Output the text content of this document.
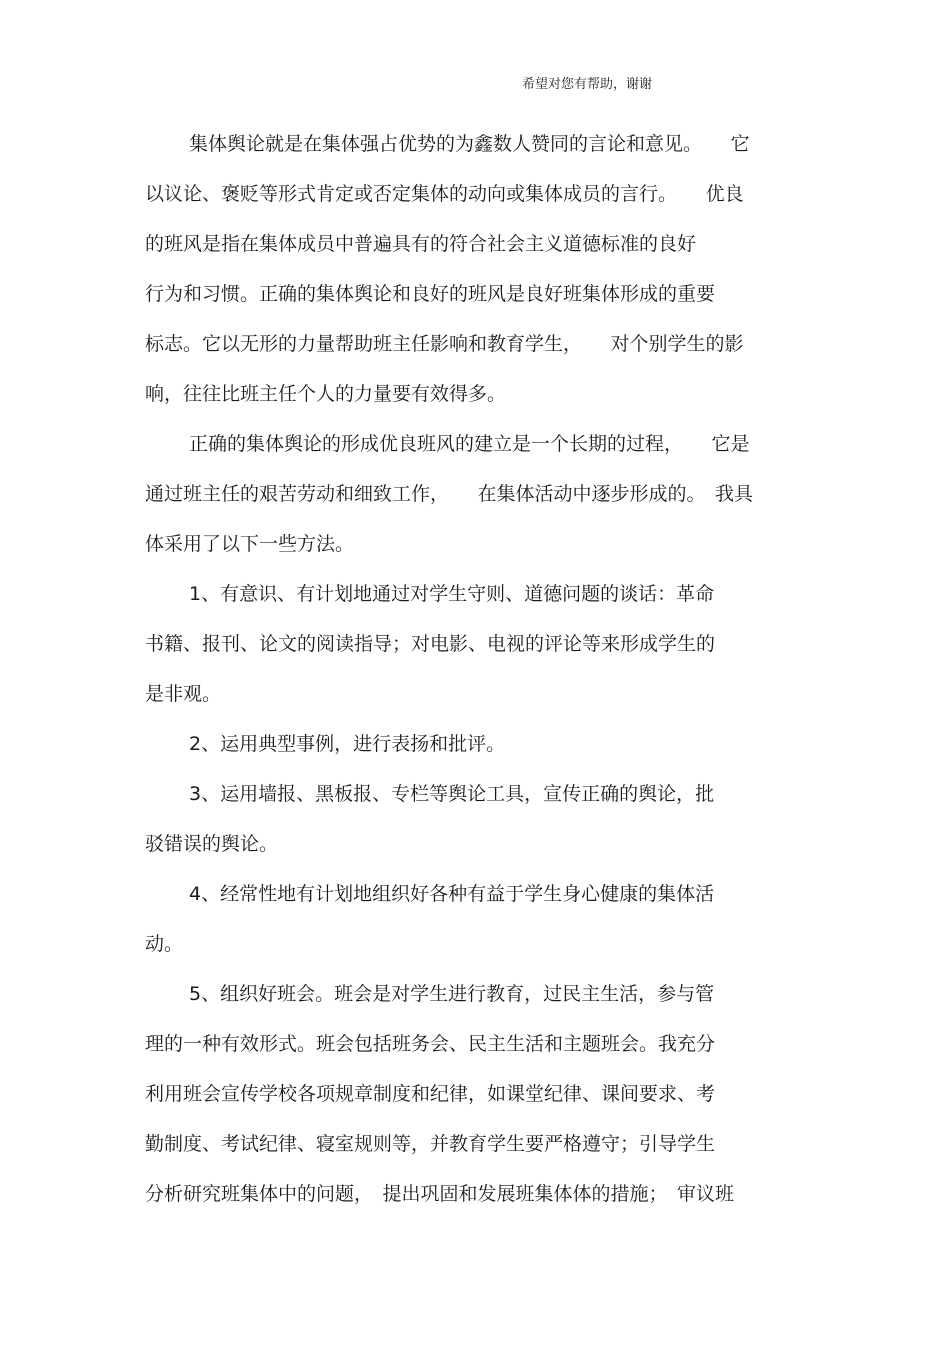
希望对您有帮助，谢谢
集体舆论就是在集体强占优势的为鑫数人赞同的言论和意见。　　它
以议论、褒贬等形式肯定或否定集体的动向或集体成员的言行。　　优良
的班风是指在集体成员中普遍具有的符合社会主义道德标准的良好
行为和习惯。正确的集体舆论和良好的班风是良好班集体形成的重要
标志。它以无形的力量帮助班主任影响和教育学生，　　对个别学生的影
响，往往比班主任个人的力量要有效得多。
正确的集体舆论的形成优良班风的建立是一个长期的过程，　　它是
通过班主任的艰苦劳动和细致工作，　　在集体活动中逐步形成的。　我具
体采用了以下一些方法。
1、有意识、有计划地通过对学生守则、道德问题的谈话：革命
书籍、报刊、论文的阅读指导；对电影、电视的评论等来形成学生的
是非观。
2、运用典型事例，进行表扬和批评。
3、运用墙报、黑板报、专栏等舆论工具，宣传正确的舆论，批
驳错误的舆论。
4、经常性地有计划地组织好各种有益于学生身心健康的集体活
动。
5、组织好班会。班会是对学生进行教育，过民主生活，参与管
理的一种有效形式。班会包括班务会、民主生活和主题班会。我充分
利用班会宣传学校各项规章制度和纪律，如课堂纪律、课间要求、考
勤制度、考试纪律、寝室规则等，并教育学生要严格遵守；引导学生
分析研究班集体中的问题，　提出巩固和发展班集体体的措施；　审议班
